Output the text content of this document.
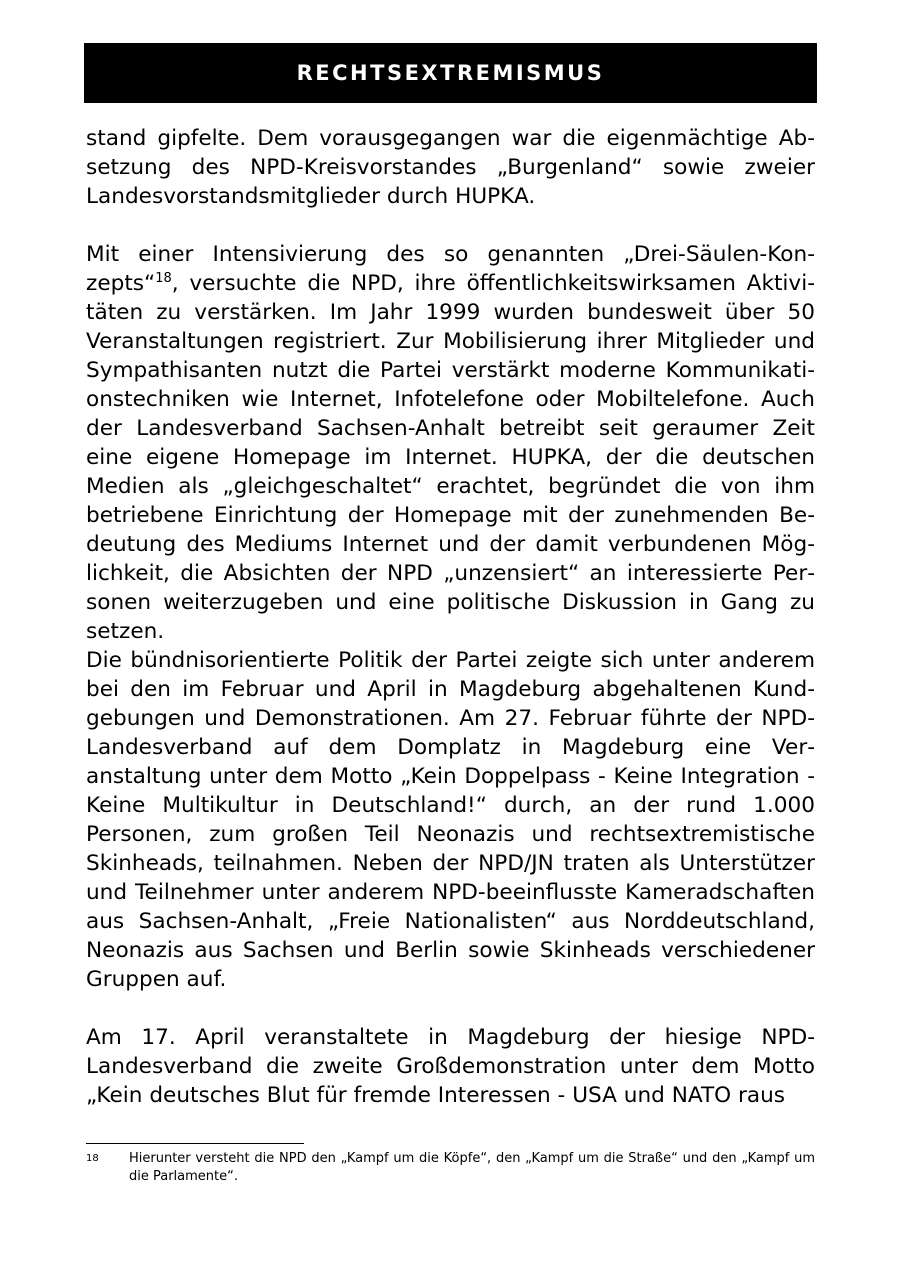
RECHTSEXTREMISMUS

stand gipfelte. Dem vorausgegangen war die eigenmächtige Absetzung des NPD-Kreisvorstandes „Burgenland“ sowie zweier Landesvorstandsmitglieder durch HUPKA.

Mit einer Intensivierung des so genannten „Drei-Säulen-Konzepts“$^{18}$, versuchte die NPD, ihre öffentlichkeitswirksamen Aktivitäten zu verstärken. Im Jahr 1999 wurden bundesweit über 50 Veranstaltungen registriert. Zur Mobilisierung ihrer Mitglieder und Sympathisanten nutzt die Partei verstärkt moderne Kommunikationstechniken wie Internet, Infotelefone oder Mobiltelefone. Auch der Landesverband Sachsen-Anhalt betreibt seit geraumer Zeit eine eigene Homepage im Internet. HUPKA, der die deutschen Medien als „gleichgeschaltet“ erachtet, begründet die von ihm betriebene Einrichtung der Homepage mit der zunehmenden Bedeutung des Mediums Internet und der damit verbundenen Möglichkeit, die Absichten der NPD „unzensiert“ an interessierte Personen weiterzugeben und eine politische Diskussion in Gang zu setzen.

Die bündnisorientierte Politik der Partei zeigte sich unter anderem bei den im Februar und April in Magdeburg abgehaltenen Kundgebungen und Demonstrationen. Am 27. Februar führte der NPD-Landesverband auf dem Domplatz in Magdeburg eine Veranstaltung unter dem Motto „Kein Doppelpass - Keine Integration - Keine Multikultur in Deutschland!“ durch, an der rund 1.000 Personen, zum großen Teil Neonazis und rechtsextremistische Skinheads, teilnahmen. Neben der NPD/JN traten als Unterstützer und Teilnehmer unter anderem NPD-beeinflusste Kameradschaften aus Sachsen-Anhalt, „Freie Nationalisten“ aus Norddeutschland, Neonazis aus Sachsen und Berlin sowie Skinheads verschiedener Gruppen auf.

Am 17. April veranstaltete in Magdeburg der hiesige NPD-Landesverband die zweite Großdemonstration unter dem Motto „Kein deutsches Blut für fremde Interessen - USA und NATO raus

18 Hierunter versteht die NPD den „Kampf um die Köpfe“, den „Kampf um die Straße“ und den „Kampf um die Parlamente“.
